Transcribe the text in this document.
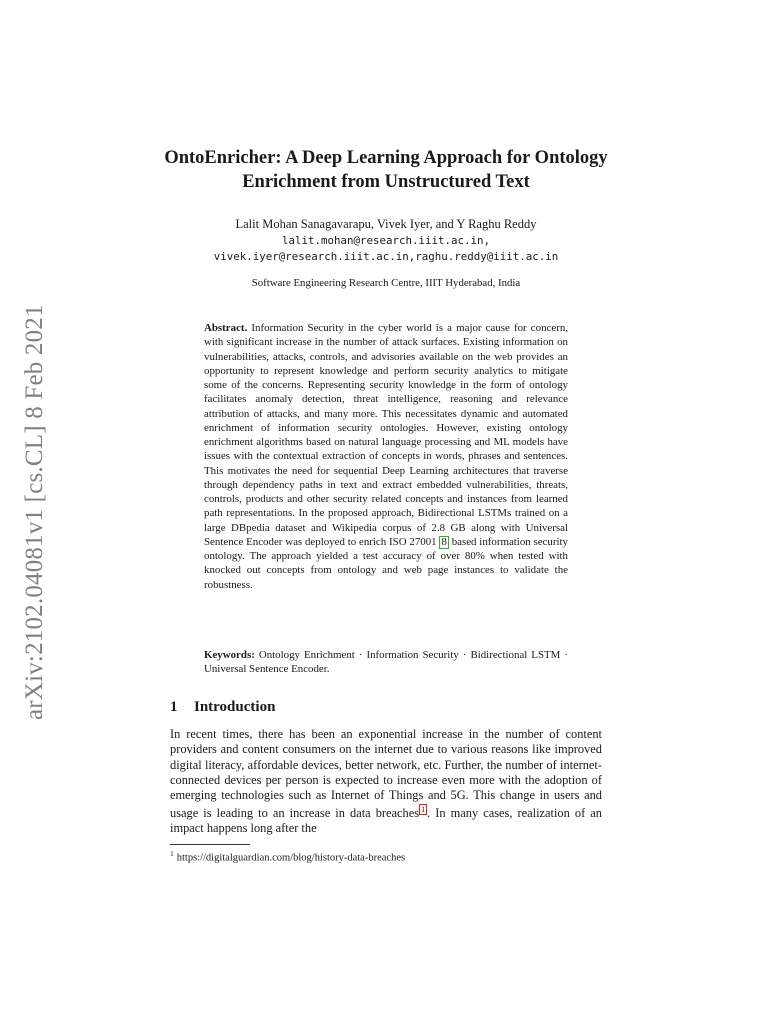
arXiv:2102.04081v1 [cs.CL] 8 Feb 2021
OntoEnricher: A Deep Learning Approach for Ontology Enrichment from Unstructured Text
Lalit Mohan Sanagavarapu, Vivek Iyer, and Y Raghu Reddy
lalit.mohan@research.iiit.ac.in,
vivek.iyer@research.iiit.ac.in,raghu.reddy@iiit.ac.in
Software Engineering Research Centre, IIIT Hyderabad, India

Abstract. Information Security in the cyber world is a major cause for concern, with significant increase in the number of attack surfaces. Existing information on vulnerabilities, attacks, controls, and advisories available on the web provides an opportunity to represent knowledge and perform security analytics to mitigate some of the concerns. Representing security knowledge in the form of ontology facilitates anomaly detection, threat intelligence, reasoning and relevance attribution of attacks, and many more. This necessitates dynamic and automated enrichment of information security ontologies. However, existing ontology enrichment algorithms based on natural language processing and ML models have issues with the contextual extraction of concepts in words, phrases and sentences. This motivates the need for sequential Deep Learning architectures that traverse through dependency paths in text and extract embedded vulnerabilities, threats, controls, products and other security related concepts and instances from learned path representations. In the proposed approach, Bidirectional LSTMs trained on a large DBpedia dataset and Wikipedia corpus of 2.8 GB along with Universal Sentence Encoder was deployed to enrich ISO 27001 8 based information security ontology. The approach yielded a test accuracy of over 80% when tested with knocked out concepts from ontology and web page instances to validate the robustness.

Keywords: Ontology Enrichment · Information Security · Bidirectional LSTM · Universal Sentence Encoder.

1 Introduction

In recent times, there has been an exponential increase in the number of content providers and content consumers on the internet due to various reasons like improved digital literacy, affordable devices, better network, etc. Further, the number of internet-connected devices per person is expected to increase even more with the adoption of emerging technologies such as Internet of Things and 5G. This change in users and usage is leading to an increase in data breaches 1 . In many cases, realization of an impact happens long after the

$^1$ https://digitalguardian.com/blog/history-data-breaches
